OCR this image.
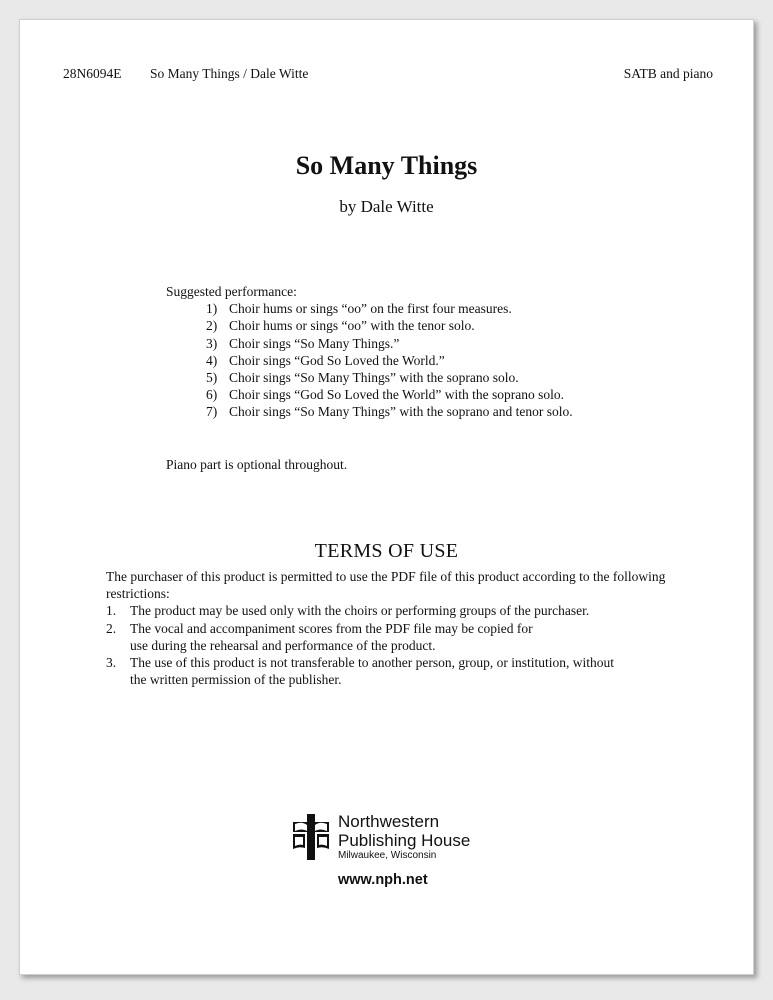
28N6094E So Many Things / Dale Witte	SATB and piano
So Many Things
by Dale Witte
Suggested performance:
1) Choir hums or sings “oo” on the first four measures.
2) Choir hums or sings “oo” with the tenor solo.
3) Choir sings “So Many Things.”
4) Choir sings “God So Loved the World.”
5) Choir sings “So Many Things” with the soprano solo.
6) Choir sings “God So Loved the World” with the soprano solo.
7) Choir sings “So Many Things” with the soprano and tenor solo.
Piano part is optional throughout.
TERMS OF USE
The purchaser of this product is permitted to use the PDF file of this product according to the following restrictions:
1. The product may be used only with the choirs or performing groups of the purchaser.
2. The vocal and accompaniment scores from the PDF file may be copied for
use during the rehearsal and performance of the product.
3. The use of this product is not transferable to another person, group, or institution, without
the written permission of the publisher.
Northwestern
Publishing House
Milwaukee, Wisconsin
www.nph.net
